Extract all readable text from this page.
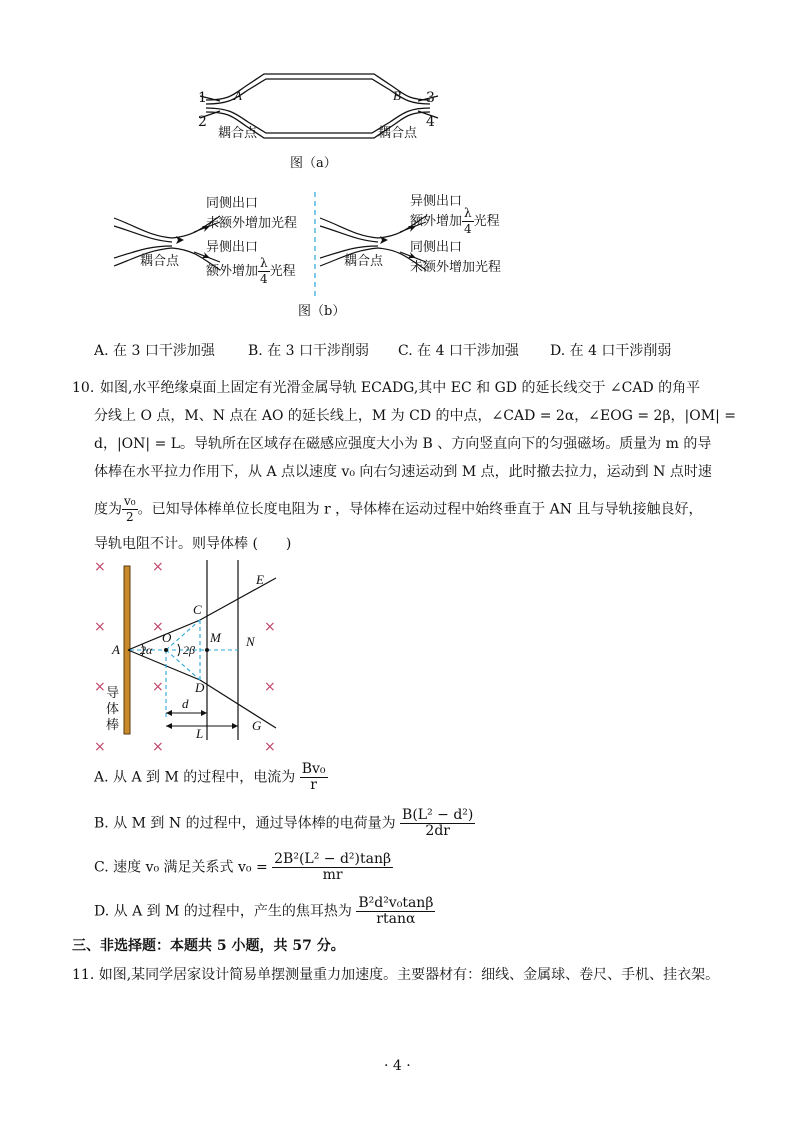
1
2
3
4
A	B
耦合点	耦合点
图（a）
同侧出口
未额外增加光程
异侧出口
额外增加 $\frac{\lambda}{4}$ 光程
耦合点
异侧出口
额外增加 $\frac{\lambda}{4}$ 光程
同侧出口
未额外增加光程
耦合点
图（b）
A. 在 3 口干涉加强 B. 在 3 口干涉削弱 C. 在 4 口干涉加强 D. 在 4 口干涉削弱
10. 如图,水平绝缘桌面上固定有光滑金属导轨 ECADG,其中 EC 和 GD 的延长线交于 ∠CAD 的角平
分线上 O 点，M、N 点在 AO 的延长线上，M 为 CD 的中点，∠CAD = 2α，∠EOG = 2β，|OM| =
d，|ON| = L。导轨所在区域存在磁感应强度大小为 B 、方向竖直向下的匀强磁场。质量为 m 的导
体棒在水平拉力作用下，从 A 点以速度 v₀ 向右匀速运动到 M 点，此时撤去拉力，运动到 N 点时速
度为 $\frac{\text{v₀}}{2}$ 。已知导体棒单位长度电阻为 r ，导体棒在运动过程中始终垂直于 AN 且与导轨接触良好，
导轨电阻不计。则导体棒 (　　)
×	×
×	×	×
×	×	×
×	×	×
E
C
O	M N
A
D
G
d
L
2α	2β
导
体
棒
A. 从 A 到 M 的过程中，电流为 $\frac{\text{Bv₀}}{r}$
B. 从 M 到 N 的过程中，通过导体棒的电荷量为 $\frac{\text{B(L² − d²)}}{2dr}$
C. 速度 v₀ 满足关系式 $v_0 = \frac{\text{2B²(L² − d²)tanβ}}{mr}$
D. 从 A 到 M 的过程中，产生的焦耳热为 $\frac{\text{B²d²v₀tanβ}}{rtan\alpha}$
三、非选择题：本题共 5 小题，共 57 分。
11. 如图,某同学居家设计简易单摆测量重力加速度。主要器材有：细线、金属球、卷尺、手机、挂衣架。
· 4 ·
